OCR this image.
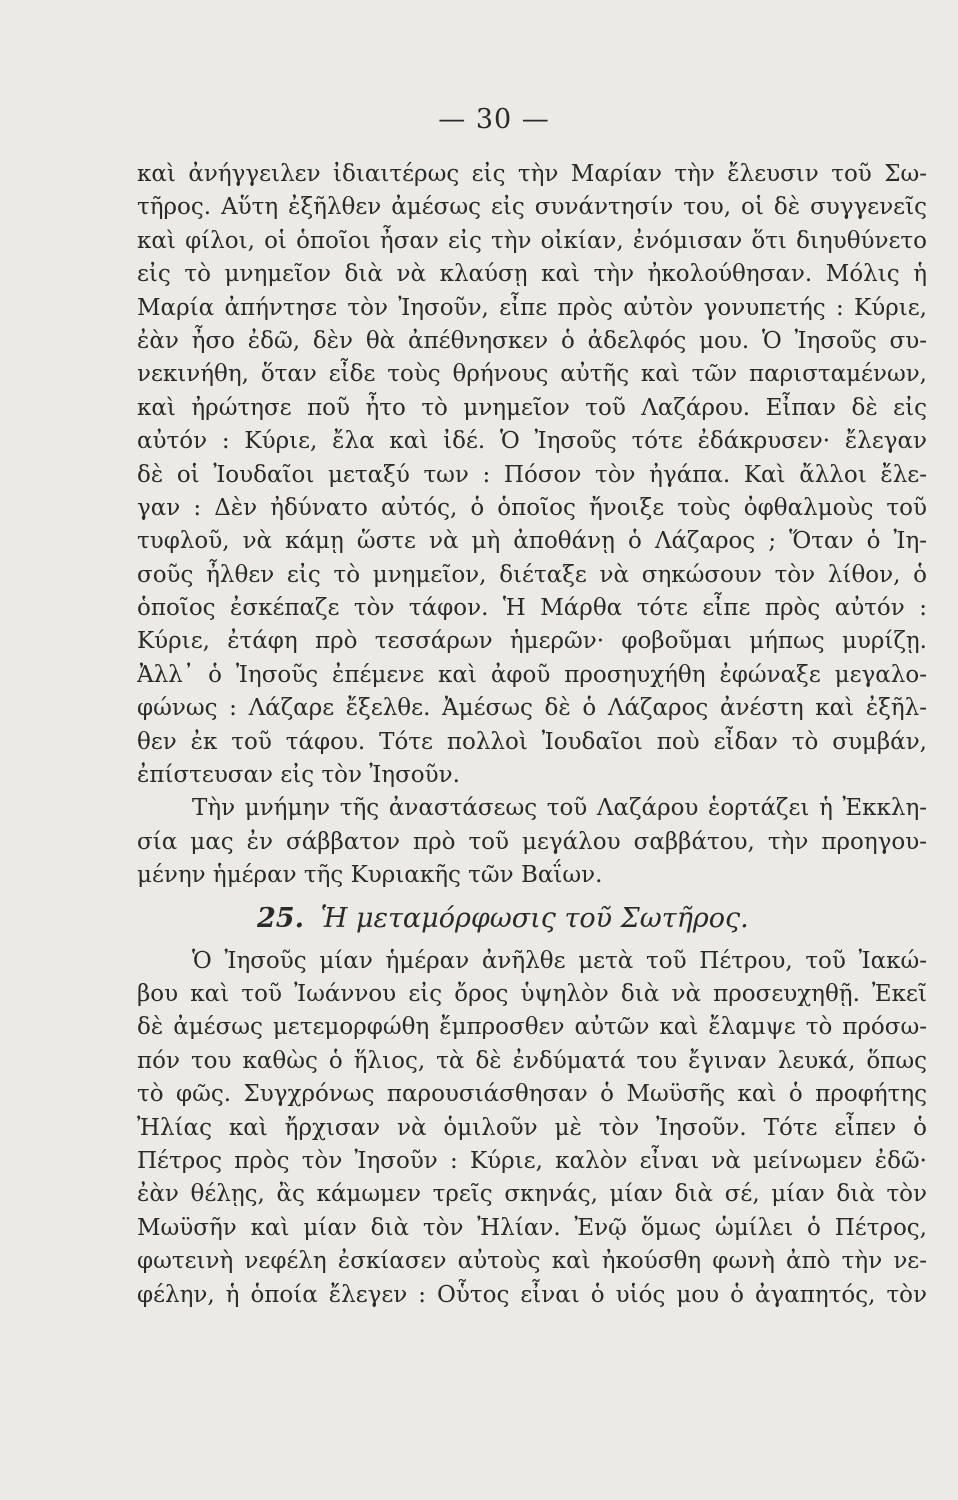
— 30 —
καὶ ἀνήγγειλεν ἰδιαιτέρως εἰς τὴν Μαρίαν τὴν ἔλευσιν τοῦ Σω-
τῆρος. Αὕτη ἐξῆλθεν ἀμέσως εἰς συνάντησίν του, οἱ δὲ συγγενεῖς
καὶ φίλοι, οἱ ὁποῖοι ἦσαν εἰς τὴν οἰκίαν, ἐνόμισαν ὅτι διηυθύνετο
εἰς τὸ μνημεῖον διὰ νὰ κλαύσῃ καὶ τὴν ἠκολούθησαν. Μόλις ἡ
Μαρία ἀπήντησε τὸν Ἰησοῦν, εἶπε πρὸς αὐτὸν γονυπετής : Κύριε,
ἐὰν ἦσο ἐδῶ, δὲν θὰ ἀπέθνησκεν ὁ ἀδελφός μου. Ὁ Ἰησοῦς συ-
νεκινήθη, ὅταν εἶδε τοὺς θρήνους αὐτῆς καὶ τῶν παρισταμένων,
καὶ ἠρώτησε ποῦ ἦτο τὸ μνημεῖον τοῦ Λαζάρου. Εἶπαν δὲ εἰς
αὐτόν : Κύριε, ἔλα καὶ ἰδέ. Ὁ Ἰησοῦς τότε ἐδάκρυσεν· ἔλεγαν
δὲ οἱ Ἰουδαῖοι μεταξύ των : Πόσον τὸν ἠγάπα. Καὶ ἄλλοι ἔλε-
γαν : Δὲν ἠδύνατο αὐτός, ὁ ὁποῖος ἤνοιξε τοὺς ὀφθαλμοὺς τοῦ
τυφλοῦ, νὰ κάμῃ ὥστε νὰ μὴ ἀποθάνῃ ὁ Λάζαρος ; Ὅταν ὁ Ἰη-
σοῦς ἦλθεν εἰς τὸ μνημεῖον, διέταξε νὰ σηκώσουν τὸν λίθον, ὁ
ὁποῖος ἐσκέπαζε τὸν τάφον. Ἡ Μάρθα τότε εἶπε πρὸς αὐτόν :
Κύριε, ἐτάφη πρὸ τεσσάρων ἡμερῶν· φοβοῦμαι μήπως μυρίζῃ.
Ἀλλ᾽ ὁ Ἰησοῦς ἐπέμενε καὶ ἀφοῦ προσηυχήθη ἐφώναξε μεγαλο-
φώνως : Λάζαρε ἔξελθε. Ἀμέσως δὲ ὁ Λάζαρος ἀνέστη καὶ ἐξῆλ-
θεν ἐκ τοῦ τάφου. Τότε πολλοὶ Ἰουδαῖοι ποὺ εἶδαν τὸ συμβάν,
ἐπίστευσαν εἰς τὸν Ἰησοῦν.
Τὴν μνήμην τῆς ἀναστάσεως τοῦ Λαζάρου ἑορτάζει ἡ Ἐκκλη-
σία μας ἐν σάββατον πρὸ τοῦ μεγάλου σαββάτου, τὴν προηγου-
μένην ἡμέραν τῆς Κυριακῆς τῶν Βαΐων.
25. Ἡ μεταμόρφωσις τοῦ Σωτῆρος.
Ὁ Ἰησοῦς μίαν ἡμέραν ἀνῆλθε μετὰ τοῦ Πέτρου, τοῦ Ἰακώ-
βου καὶ τοῦ Ἰωάννου εἰς ὄρος ὑψηλὸν διὰ νὰ προσευχηθῇ. Ἐκεῖ
δὲ ἀμέσως μετεμορφώθη ἔμπροσθεν αὐτῶν καὶ ἔλαμψε τὸ πρόσω-
πόν του καθὼς ὁ ἥλιος, τὰ δὲ ἐνδύματά του ἔγιναν λευκά, ὅπως
τὸ φῶς. Συγχρόνως παρουσιάσθησαν ὁ Μωϋσῆς καὶ ὁ προφήτης
Ἠλίας καὶ ἤρχισαν νὰ ὁμιλοῦν μὲ τὸν Ἰησοῦν. Τότε εἶπεν ὁ
Πέτρος πρὸς τὸν Ἰησοῦν : Κύριε, καλὸν εἶναι νὰ μείνωμεν ἐδῶ·
ἐὰν θέλῃς, ἂς κάμωμεν τρεῖς σκηνάς, μίαν διὰ σέ, μίαν διὰ τὸν
Μωϋσῆν καὶ μίαν διὰ τὸν Ἠλίαν. Ἐνῷ ὅμως ὡμίλει ὁ Πέτρος,
φωτεινὴ νεφέλη ἐσκίασεν αὐτοὺς καὶ ἠκούσθη φωνὴ ἀπὸ τὴν νε-
φέλην, ἡ ὁποία ἔλεγεν : Οὗτος εἶναι ὁ υἱός μου ὁ ἀγαπητός, τὸν
